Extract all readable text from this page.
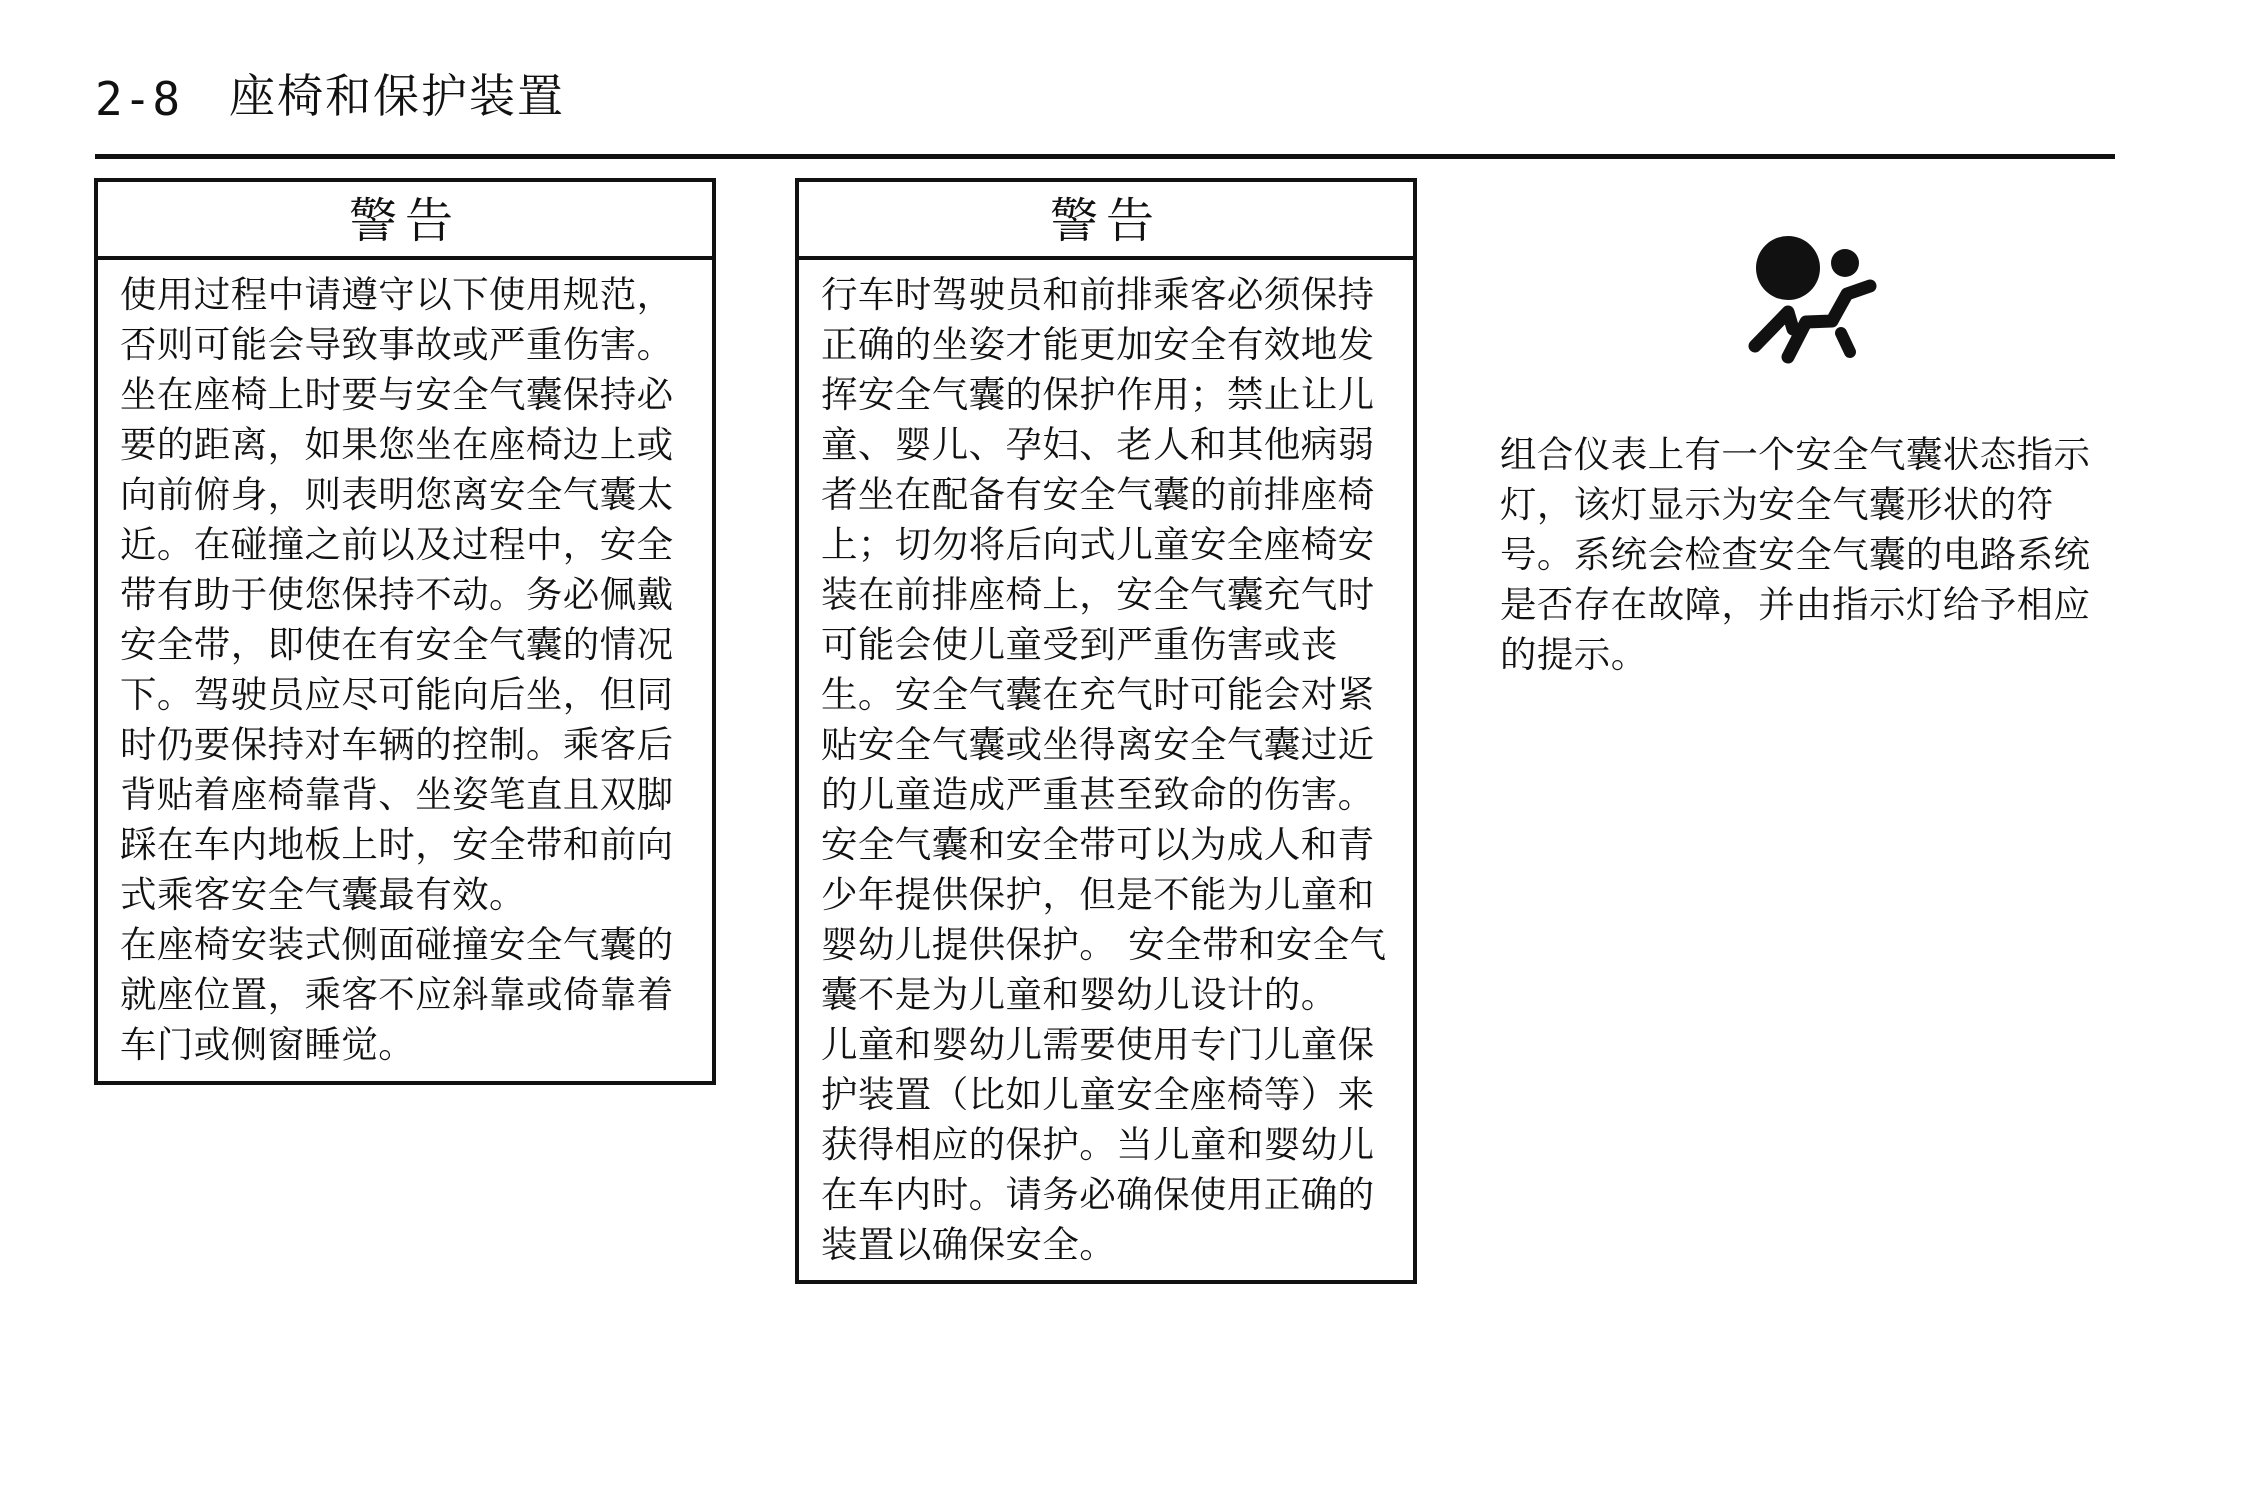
2-8 座椅和保护装置
警告

使用过程中请遵守以下使用规范，否则可能会导致事故或严重伤害。

坐在座椅上时要与安全气囊保持必要的距离，如果您坐在座椅边上或向前俯身，则表明您离安全气囊太近。在碰撞之前以及过程中，安全带有助于使您保持不动。务必佩戴安全带，即使在有安全气囊的情况下。驾驶员应尽可能向后坐，但同时仍要保持对车辆的控制。乘客后背贴着座椅靠背、坐姿笔直且双脚踩在车内地板上时，安全带和前向式乘客安全气囊最有效。

在座椅安装式侧面碰撞安全气囊的就座位置，乘客不应斜靠或倚靠着车门或侧窗睡觉。

警告

行车时驾驶员和前排乘客必须保持正确的坐姿才能更加安全有效地发挥安全气囊的保护作用；禁止让儿童、婴儿、孕妇、老人和其他病弱者坐在配备有安全气囊的前排座椅上；切勿将后向式儿童安全座椅安装在前排座椅上，安全气囊充气时可能会使儿童受到严重伤害或丧生。安全气囊在充气时可能会对紧贴安全气囊或坐得离安全气囊过近的儿童造成严重甚至致命的伤害。

安全气囊和安全带可以为成人和青少年提供保护，但是不能为儿童和婴幼儿提供保护。 安全带和安全气囊不是为儿童和婴幼儿设计的。

儿童和婴幼儿需要使用专门儿童保护装置（比如儿童安全座椅等）来获得相应的保护。当儿童和婴幼儿在车内时。请务必确保使用正确的装置以确保安全。

组合仪表上有一个安全气囊状态指示灯，该灯显示为安全气囊形状的符号。系统会检查安全气囊的电路系统是否存在故障，并由指示灯给予相应的提示。
